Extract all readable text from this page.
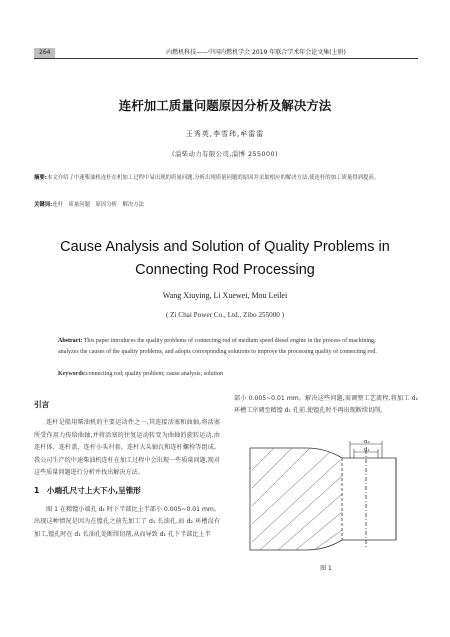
264	内燃机科技——中国内燃机学会 2019 年联合学术年会论文集(上册)
连杆加工质量问题原因分析及解决方法
王秀英,李雪玮,牟雷雷
(淄柴动力有限公司,淄博 255000)
摘要:本文介绍了中速柴油机连杆在机加工过程中易出现的质量问题,分析出现质量问题的原因并采取相应的解决方法,使连杆的加工质量得到提高。
关键词:连杆　质量问题　原因分析　解决方法
Cause Analysis and Solution of Quality Problems in
Connecting Rod Processing
Wang Xiuying, Li Xuewei, Mou Leilei
( Zi Chai Power Co., Ltd., Zibo 255000 )
Abstract: This paper introduces the quality problems of connecting rod of medium speed diesel engine in the process of machining, analyzes the causes of the quality problems, and adopts corresponding solutions to improve the processing quality of connecting rod.
Keywords:connecting rod; quality problem; cause analysis; solution
引言

连杆是船用柴油机的主要运动件之一,其连接活塞和曲轴,将活塞所受作用力传给曲轴,并将活塞的往复运动转变为曲轴的旋转运动,由连杆体、连杆盖、连杆小头衬套、连杆大头轴瓦和连杆螺栓等组成。我公司生产的中速柴油机连杆在加工过程中会出现一些质量问题,现对这些质量问题进行分析并找出解决方法。

1　小端孔尺寸上大下小,呈锥形

图 1 在精镗小端孔 d₁ 时下半部比上半部小 0.005~0.01 mm。出现这种情况是因为在镗孔之前先加工了 d₁ 长油孔,而 d₂ 环槽没有加工,镗孔时在 d₁ 长油孔处断续切削,从而导致 d₁ 孔下半部比上半

部小 0.005~0.01 mm。解决这些问题,需调整工艺流程,将加工 d₂ 环槽工序调至精镗 d₁ 孔前,使镗孔时不再出现断续切削。

d₂
d₁
图 1
